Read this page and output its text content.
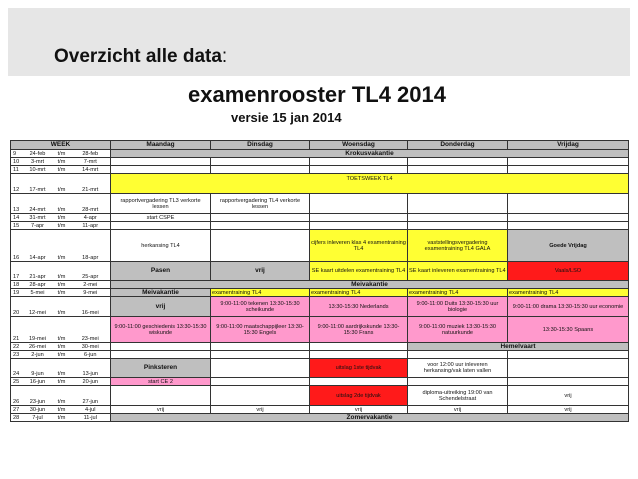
Overzicht alle data:
examenrooster TL4 2014
versie 15 jan 2014
WEEK				Maandag	Dinsdag	Woensdag	Donderdag	Vrijdag
9	24-feb	t/m	28-feb	Krokusvakantie				
10	3-mrt	t/m	7-mrt					
11	10-mrt	t/m	14-mrt					
12	17-mrt	t/m	21-mrt	TOETSWEEK TL4				
13	24-mrt	t/m	28-mrt	rapportvergadering TL3 verkorte lessen	rapportvergadering TL4 verkorte lessen			
14	31-mrt	t/m	4-apr	start CSPE				
15	7-apr	t/m	11-apr					
16	14-apr	t/m	18-apr	herkansing TL4		cijfers inleveren klas 4 examentraining TL4	vaststellingsvergadering examentraining TL4 GALA	Goede Vrijdag
17	21-apr	t/m	25-apr	Pasen	vrij	SE kaart uitdelen examentraining TL4	SE kaart inleveren examentraining TL4	Vaals/LSO
18	28-apr	t/m	2-mei	Meivakantie				
19	5-mei	t/m	9-mei	Meivakantie	examentraining TL4	examentraining TL4	examentraining TL4	examentraining TL4
20	12-mei	t/m	16-mei	vrij	9:00-11:00 tekenen 13:30-15:30 scheikunde	13:30-15:30 Nederlands	9:00-11:00 Duits 13:30-15:30 uur biologie	9:00-11:00 drama 13:30-15:30 uur economie
21	19-mei	t/m	23-mei	9:00-11:00 geschiedenis 13:30-15:30 wiskunde	9:00-11:00 maatschappijleer 13:30-15:30 Engels	9:00-11:00 aardrijkskunde 13:30-15:30 Frans	9:00-11:00 muziek 13:30-15:30 natuurkunde	13:30-15:30 Spaans
22	26-mei	t/m	30-mei				Hemelvaart	
23	2-jun	t/m	6-jun					
24	9-jun	t/m	13-jun	Pinksteren		uitslag 1ste tijdvak	voor 12:00 uur inleveren herkansing/vak laten vallen	
25	16-jun	t/m	20-jun	start CE 2				
26	23-jun	t/m	27-jun			uitslag 2de tijdvak	diploma-uitreiking 19:00 van Schendelstraat	vrij
27	30-jun	t/m	4-jul	vrij	vrij	vrij	vrij	vrij
28	7-jul	t/m	11-jul	Zomervakantie				
